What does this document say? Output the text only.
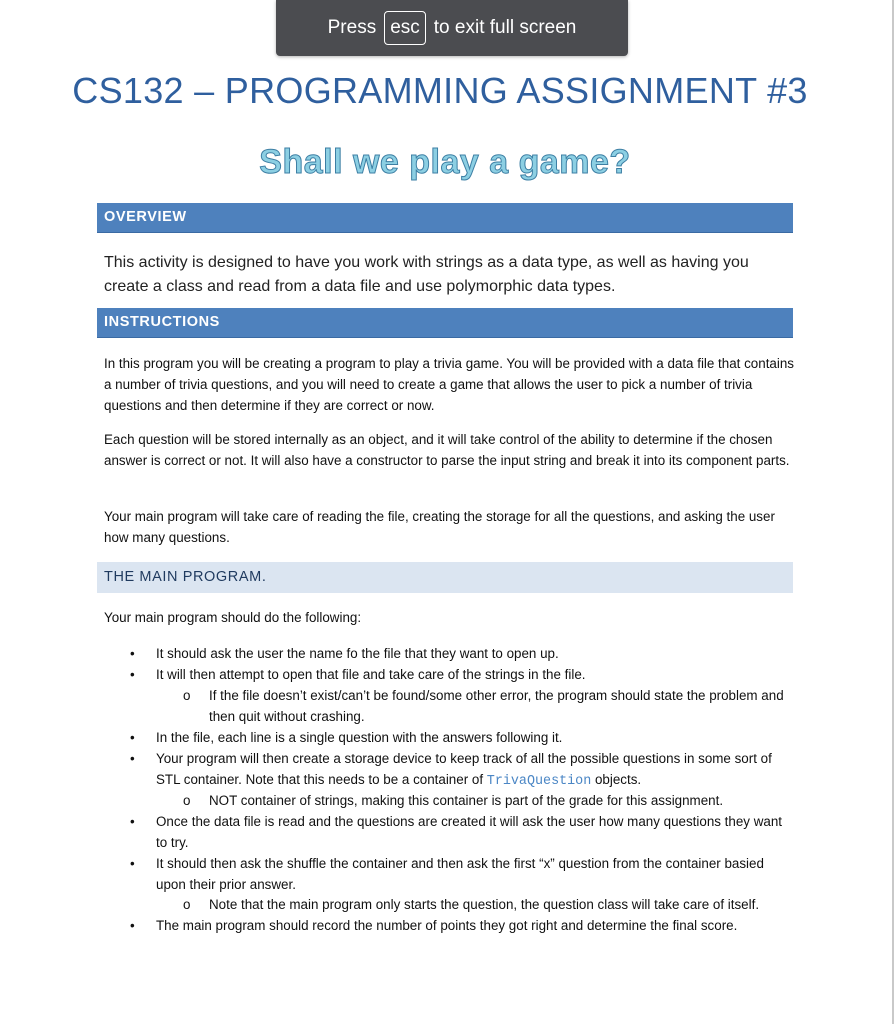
Press esc to exit full screen
CS132 – PROGRAMMING ASSIGNMENT #3
Shall we play a game?
OVERVIEW
This activity is designed to have you work with strings as a data type, as well as having you create a class and read from a data file and use polymorphic data types.
INSTRUCTIONS
In this program you will be creating a program to play a trivia game. You will be provided with a data file that contains a number of trivia questions, and you will need to create a game that allows the user to pick a number of trivia questions and then determine if they are correct or now.
Each question will be stored internally as an object, and it will take control of the ability to determine if the chosen answer is correct or not. It will also have a constructor to parse the input string and break it into its component parts.
Your main program will take care of reading the file, creating the storage for all the questions, and asking the user how many questions.
THE MAIN PROGRAM.
Your main program should do the following:
• It should ask the user the name fo the file that they want to open up.
• It will then attempt to open that file and take care of the strings in the file.
o If the file doesn’t exist/can’t be found/some other error, the program should state the problem and then quit without crashing.
• In the file, each line is a single question with the answers following it.
• Your program will then create a storage device to keep track of all the possible questions in some sort of STL container. Note that this needs to be a container of TrivaQuestion objects.
o NOT container of strings, making this container is part of the grade for this assignment.
• Once the data file is read and the questions are created it will ask the user how many questions they want to try.
• It should then ask the shuffle the container and then ask the first “x” question from the container basied upon their prior answer.
o Note that the main program only starts the question, the question class will take care of itself.
• The main program should record the number of points they got right and determine the final score.
